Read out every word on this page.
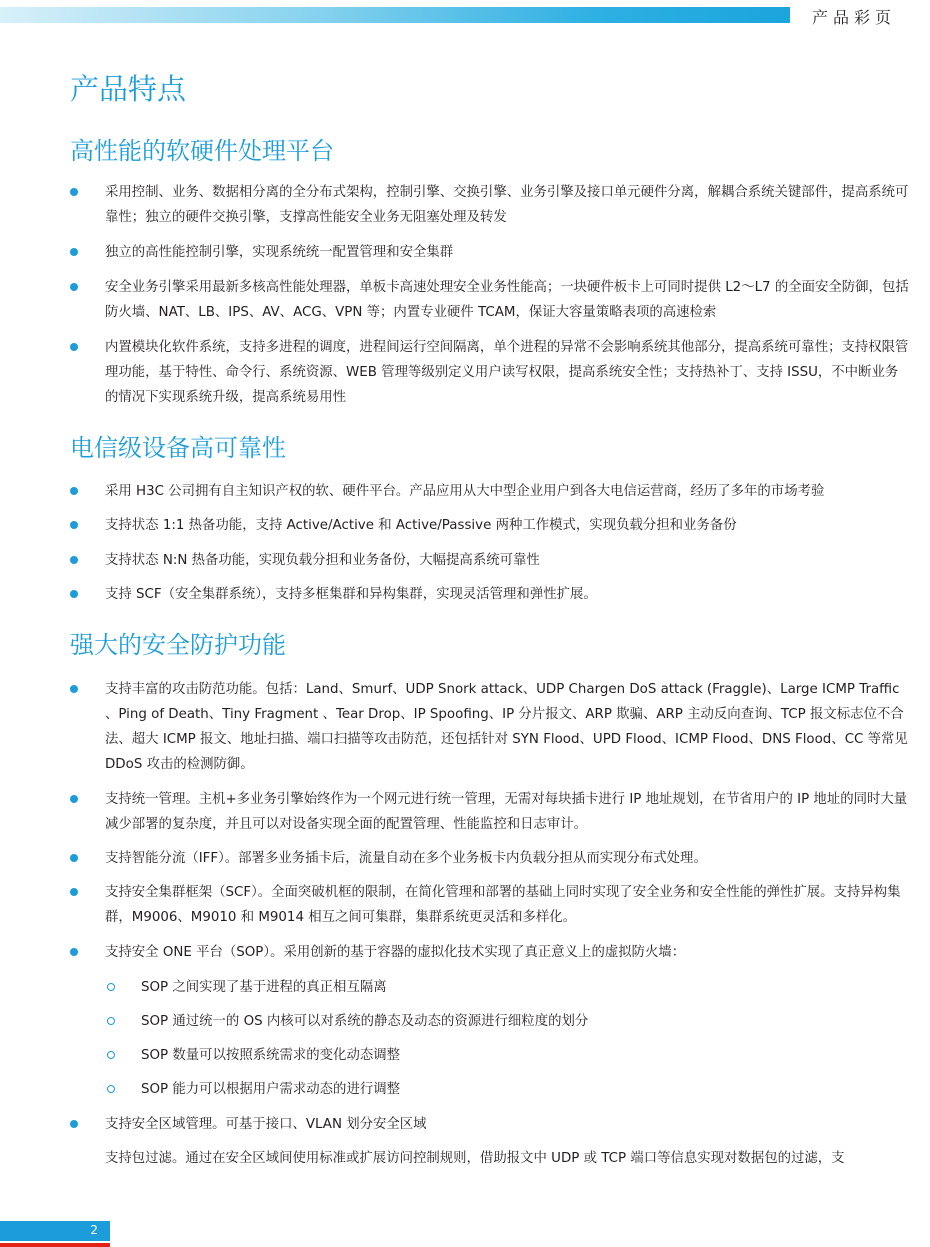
产品彩页
产品特点
高性能的软硬件处理平台
采用控制、业务、数据相分离的全分布式架构，控制引擎、交换引擎、业务引擎及接口单元硬件分离，解耦合系统关键部件，提高系统可靠性；独立的硬件交换引擎，支撑高性能安全业务无阻塞处理及转发
独立的高性能控制引擎，实现系统统一配置管理和安全集群
安全业务引擎采用最新多核高性能处理器，单板卡高速处理安全业务性能高；一块硬件板卡上可同时提供 L2～L7 的全面安全防御，包括防火墙、NAT、LB、IPS、AV、ACG、VPN 等；内置专业硬件 TCAM，保证大容量策略表项的高速检索
内置模块化软件系统，支持多进程的调度，进程间运行空间隔离，单个进程的异常不会影响系统其他部分，提高系统可靠性；支持权限管理功能，基于特性、命令行、系统资源、WEB 管理等级别定义用户读写权限，提高系统安全性；支持热补丁、支持 ISSU，不中断业务的情况下实现系统升级，提高系统易用性
电信级设备高可靠性
采用 H3C 公司拥有自主知识产权的软、硬件平台。产品应用从大中型企业用户到各大电信运营商，经历了多年的市场考验
支持状态 1:1 热备功能，支持 Active/Active 和 Active/Passive 两种工作模式，实现负载分担和业务备份
支持状态 N:N 热备功能，实现负载分担和业务备份，大幅提高系统可靠性
支持 SCF（安全集群系统），支持多框集群和异构集群，实现灵活管理和弹性扩展。
强大的安全防护功能
支持丰富的攻击防范功能。包括：Land、Smurf、UDP Snork attack、UDP Chargen DoS attack (Fraggle)、Large ICMP Traffic 、Ping of Death、Tiny Fragment 、Tear Drop、IP Spoofing、IP 分片报文、ARP 欺骗、ARP 主动反向查询、TCP 报文标志位不合法、超大 ICMP 报文、地址扫描、端口扫描等攻击防范，还包括针对 SYN Flood、UPD Flood、ICMP Flood、DNS Flood、CC 等常见 DDoS 攻击的检测防御。
支持统一管理。主机+多业务引擎始终作为一个网元进行统一管理，无需对每块插卡进行 IP 地址规划，在节省用户的 IP 地址的同时大量减少部署的复杂度，并且可以对设备实现全面的配置管理、性能监控和日志审计。
支持智能分流（IFF）。部署多业务插卡后，流量自动在多个业务板卡内负载分担从而实现分布式处理。
支持安全集群框架（SCF）。全面突破机框的限制，在简化管理和部署的基础上同时实现了安全业务和安全性能的弹性扩展。支持异构集群，M9006、M9010 和 M9014 相互之间可集群，集群系统更灵活和多样化。
支持安全 ONE 平台（SOP）。采用创新的基于容器的虚拟化技术实现了真正意义上的虚拟防火墙：
SOP 之间实现了基于进程的真正相互隔离
SOP 通过统一的 OS 内核可以对系统的静态及动态的资源进行细粒度的划分
SOP 数量可以按照系统需求的变化动态调整
SOP 能力可以根据用户需求动态的进行调整
支持安全区域管理。可基于接口、VLAN 划分安全区域
支持包过滤。通过在安全区域间使用标准或扩展访问控制规则，借助报文中 UDP 或 TCP 端口等信息实现对数据包的过滤，支
2
